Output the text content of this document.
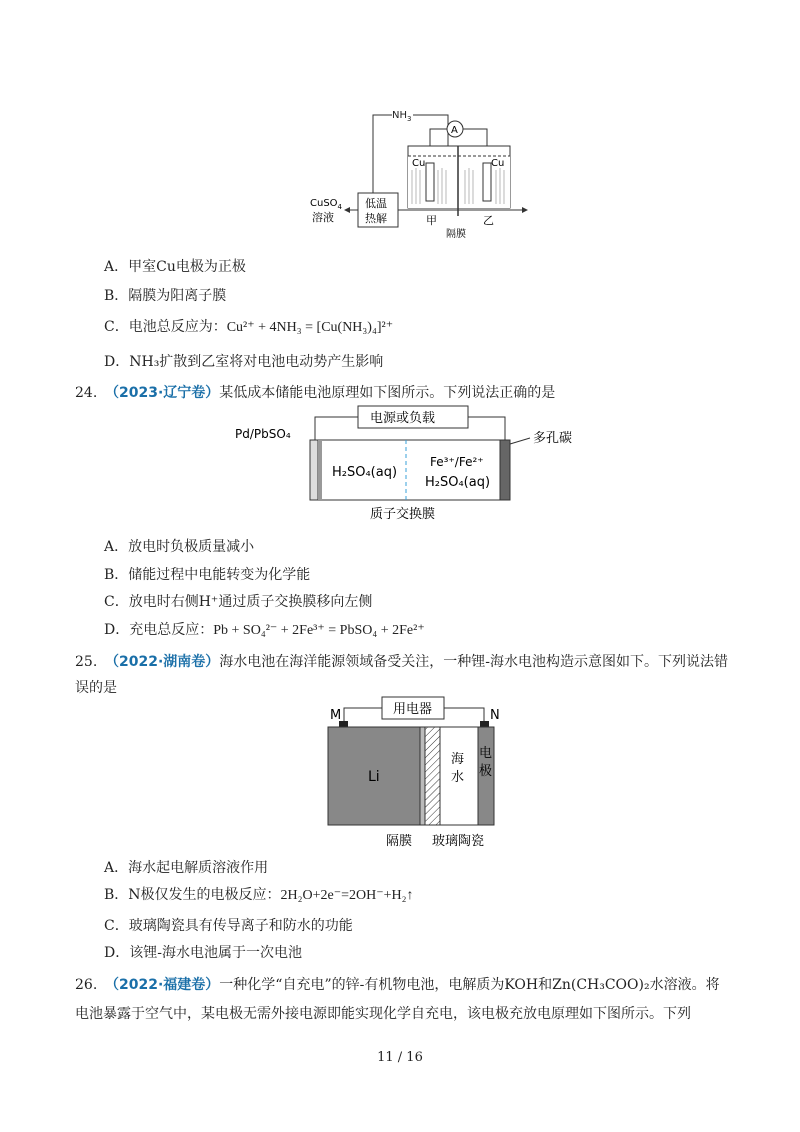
$NH_3$
A
Cu	Cu
低温
热解
CuSO$_4$
溶液	甲	乙
隔膜
A．甲室Cu电极为正极
B．隔膜为阳离子膜
C．电池总反应为：Cu²⁺ + 4NH₃ = [Cu(NH₃)₄]²⁺
D．NH₃扩散到乙室将对电池电动势产生影响
24. （2023·辽宁卷）某低成本储能电池原理如下图所示。下列说法正确的是
电源或负载
Pd/PbSO₄	多孔碳
H₂SO₄(aq)
Fe³⁺/Fe²⁺
H₂SO₄(aq)
质子交换膜
A．放电时负极质量减小
B．储能过程中电能转变为化学能
C．放电时右侧H⁺通过质子交换膜移向左侧
D．充电总反应：Pb + SO₄²⁻ + 2Fe³⁺ = PbSO₄ + 2Fe²⁺
25. （2022·湖南卷）海水电池在海洋能源领域备受关注，一种锂-海水电池构造示意图如下。下列说法错
误的是
用电器
M	N
Li
海
水
电
极
隔膜 玻璃陶瓷
A．海水起电解质溶液作用
B．N极仅发生的电极反应：2H₂O+2e⁻=2OH⁻+H₂↑
C．玻璃陶瓷具有传导离子和防水的功能
D．该锂-海水电池属于一次电池
26. （2022·福建卷）一种化学“自充电”的锌-有机物电池，电解质为KOH和Zn(CH₃COO)₂水溶液。将
电池暴露于空气中，某电极无需外接电源即能实现化学自充电，该电极充放电原理如下图所示。下列
11 / 16
